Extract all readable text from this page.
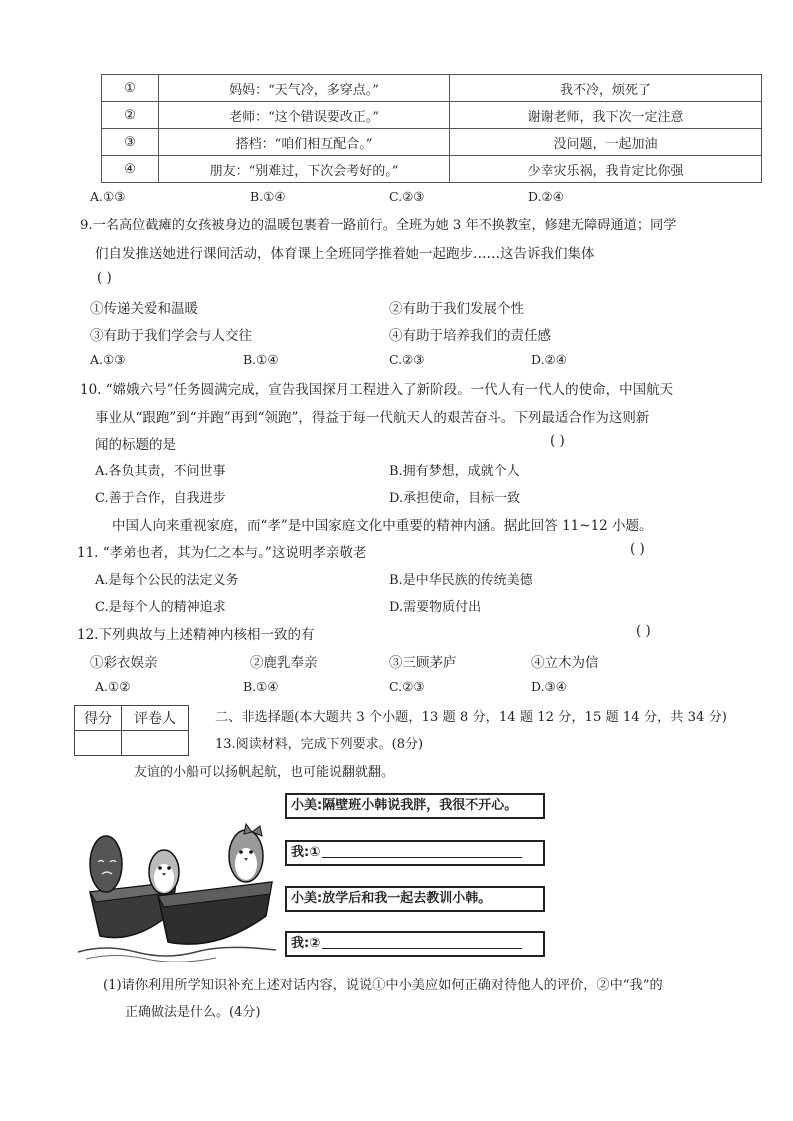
①	妈妈：“天气冷，多穿点。”	我不冷，烦死了
②	老师：“这个错误要改正。”	谢谢老师，我下次一定注意
③	搭档：“咱们相互配合。”	没问题，一起加油
④	朋友：“别难过，下次会考好的。”	少幸灾乐祸，我肯定比你强
A.①③	B.①④	C.②③	D.②④
9.一名高位截瘫的女孩被身边的温暖包裹着一路前行。全班为她 3 年不换教室，修建无障碍通道；同学
们自发推送她进行课间活动，体育课上全班同学推着她一起跑步……这告诉我们集体
( )
①传递关爱和温暖	②有助于我们发展个性
③有助于我们学会与人交往	④有助于培养我们的责任感
A.①③	B.①④	C.②③	D.②④
10. “嫦娥六号”任务圆满完成，宣告我国探月工程进入了新阶段。一代人有一代人的使命，中国航天
事业从“跟跑”到“并跑”再到“领跑”，得益于每一代航天人的艰苦奋斗。下列最适合作为这则新
闻的标题的是	( )
A.各负其责，不问世事	B.拥有梦想，成就个人
C.善于合作，自我进步	D.承担使命，目标一致
中国人向来重视家庭，而“孝”是中国家庭文化中重要的精神内涵。据此回答 11~12 小题。
11. “孝弟也者，其为仁之本与。”这说明孝亲敬老	( )
A.是每个公民的法定义务	B.是中华民族的传统美德
C.是每个人的精神追求	D.需要物质付出
12.下列典故与上述精神内核相一致的有	( )
①彩衣娱亲	②鹿乳奉亲	③三顾茅庐	④立木为信
A.①②	B.①④	C.②③	D.③④
得分	评卷人
		二、非选择题(本大题共 3 个小题，13 题 8 分，14 题 12 分，15 题 14 分，共 34 分)
13.阅读材料，完成下列要求。(8分)
友谊的小船可以扬帆起航，也可能说翻就翻。
小美:隔壁班小韩说我胖，我很不开心。
我:①
小美:放学后和我一起去教训小韩。
我:②
(1)请你利用所学知识补充上述对话内容，说说①中小美应如何正确对待他人的评价，②中“我”的
正确做法是什么。(4分)
